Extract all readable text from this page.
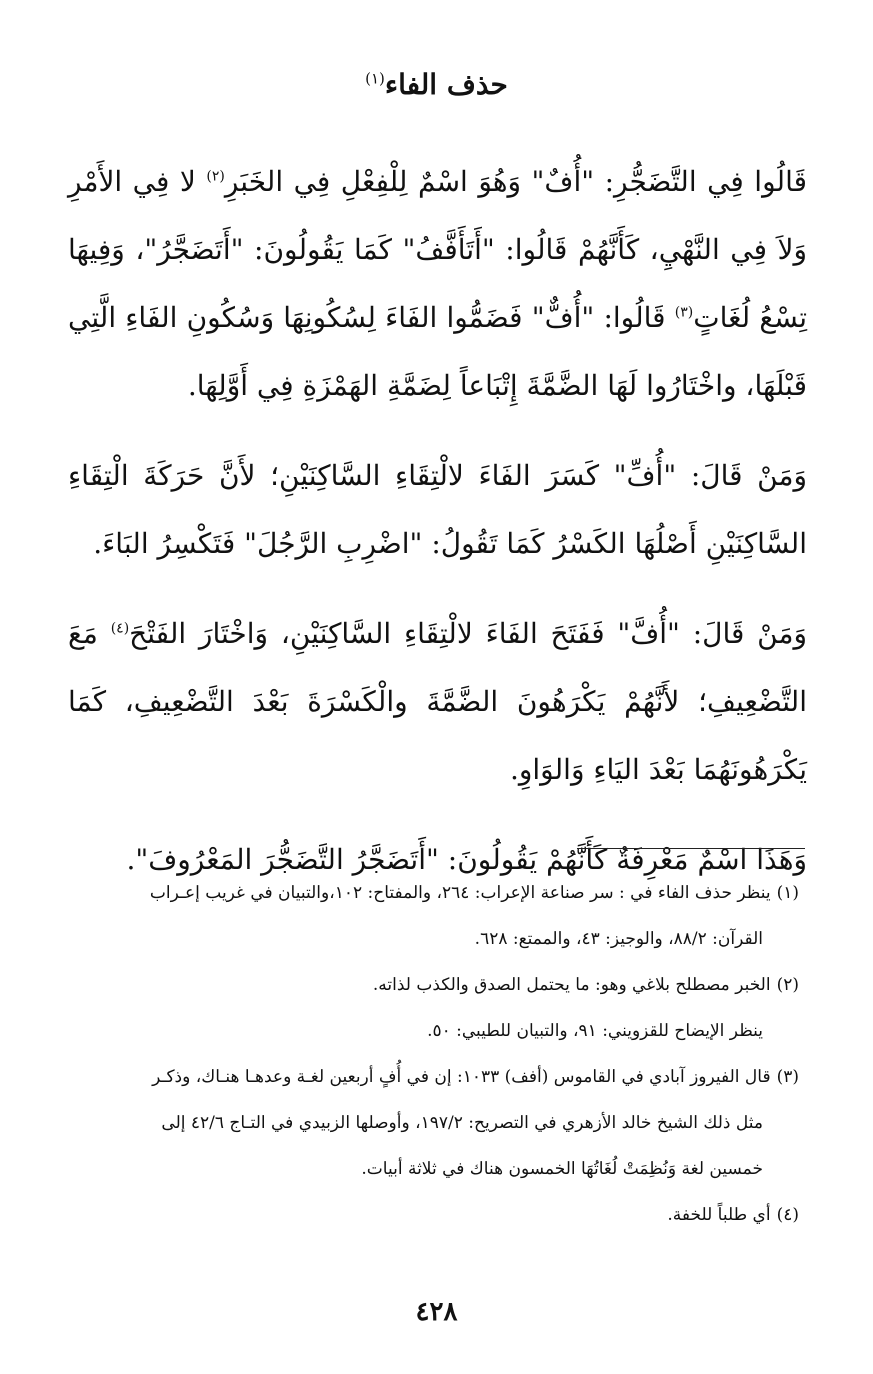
حذف الفاء$^{(١)}$

قَالُوا فِي التَّضَجُّرِ: "أُفٌ" وَهُوَ اسْمٌ لِلْفِعْلِ فِي الخَبَرِ$^{(٢)}$ لا فِي الأَمْرِ وَلاَ فِي النَّهْيِ، كَأَنَّهُمْ قَالُوا: "أَتَأَفَّفُ" كَمَا يَقُولُونَ: "أَتَضَجَّرُ"، وَفِيهَا تِسْعُ لُغَاتٍ$^{(٣)}$ قَالُوا: "أُفٌّ" فَضَمُّوا الفَاءَ لِسُكُونِهَا وَسُكُونِ الفَاءِ الَّتِي قَبْلَهَا، واخْتَارُوا لَهَا الضَّمَّةَ إِتْبَاعاً لِضَمَّةِ الهَمْزَةِ فِي أَوَّلِهَا.

وَمَنْ قَالَ: "أُفِّ" كَسَرَ الفَاءَ لالْتِقَاءِ السَّاكِنَيْنِ؛ لأَنَّ حَرَكَةَ الْتِقَاءِ السَّاكِنَيْنِ أَصْلُهَا الكَسْرُ كَمَا تَقُولُ: "اضْرِبِ الرَّجُلَ" فَتَكْسِرُ البَاءَ.

وَمَنْ قَالَ: "أُفَّ" فَفَتَحَ الفَاءَ لالْتِقَاءِ السَّاكِنَيْنِ، وَاخْتَارَ الفَتْحَ$^{(٤)}$ مَعَ التَّضْعِيفِ؛ لأَنَّهُمْ يَكْرَهُونَ الضَّمَّةَ والْكَسْرَةَ بَعْدَ التَّضْعِيفِ، كَمَا يَكْرَهُونَهُمَا بَعْدَ اليَاءِ وَالوَاوِ.

وَهَذَا اسْمٌ مَعْرِفَةٌ كَأَنَّهُمْ يَقُولُونَ: "أَتَضَجَّرُ التَّضَجُّرَ المَعْرُوفَ".

(١)ينظر حذف الفاء في : سر صناعة الإعراب: ٢٦٤، والمفتاح: ١٠٢،والتبيان في غريب إعـراب

القرآن: ٨٨/٢، والوجيز: ٤٣، والممتع: ٦٢٨.

(٢)الخبر مصطلح بلاغي وهو: ما يحتمل الصدق والكذب لذاته.

ينظر الإيضاح للقزويني: ٩١، والتبيان للطيبي: ٥٠.

(٣)قال الفيروز آبادي في القاموس (أفف) ١٠٣٣: إن في أُفٍ أربعين لغـة وعدهـا هنـاك، وذكـر

مثل ذلك الشيخ خالد الأزهري في التصريح: ١٩٧/٢، وأوصلها الزبيدي في التـاج ٤٢/٦ إلى

خمسين لغة وَنُظِمَتْ لُغَاتُهَا الخمسون هناك في ثلاثة أبيات.

(٤)أي طلباً للخفة.

٤٢٨
